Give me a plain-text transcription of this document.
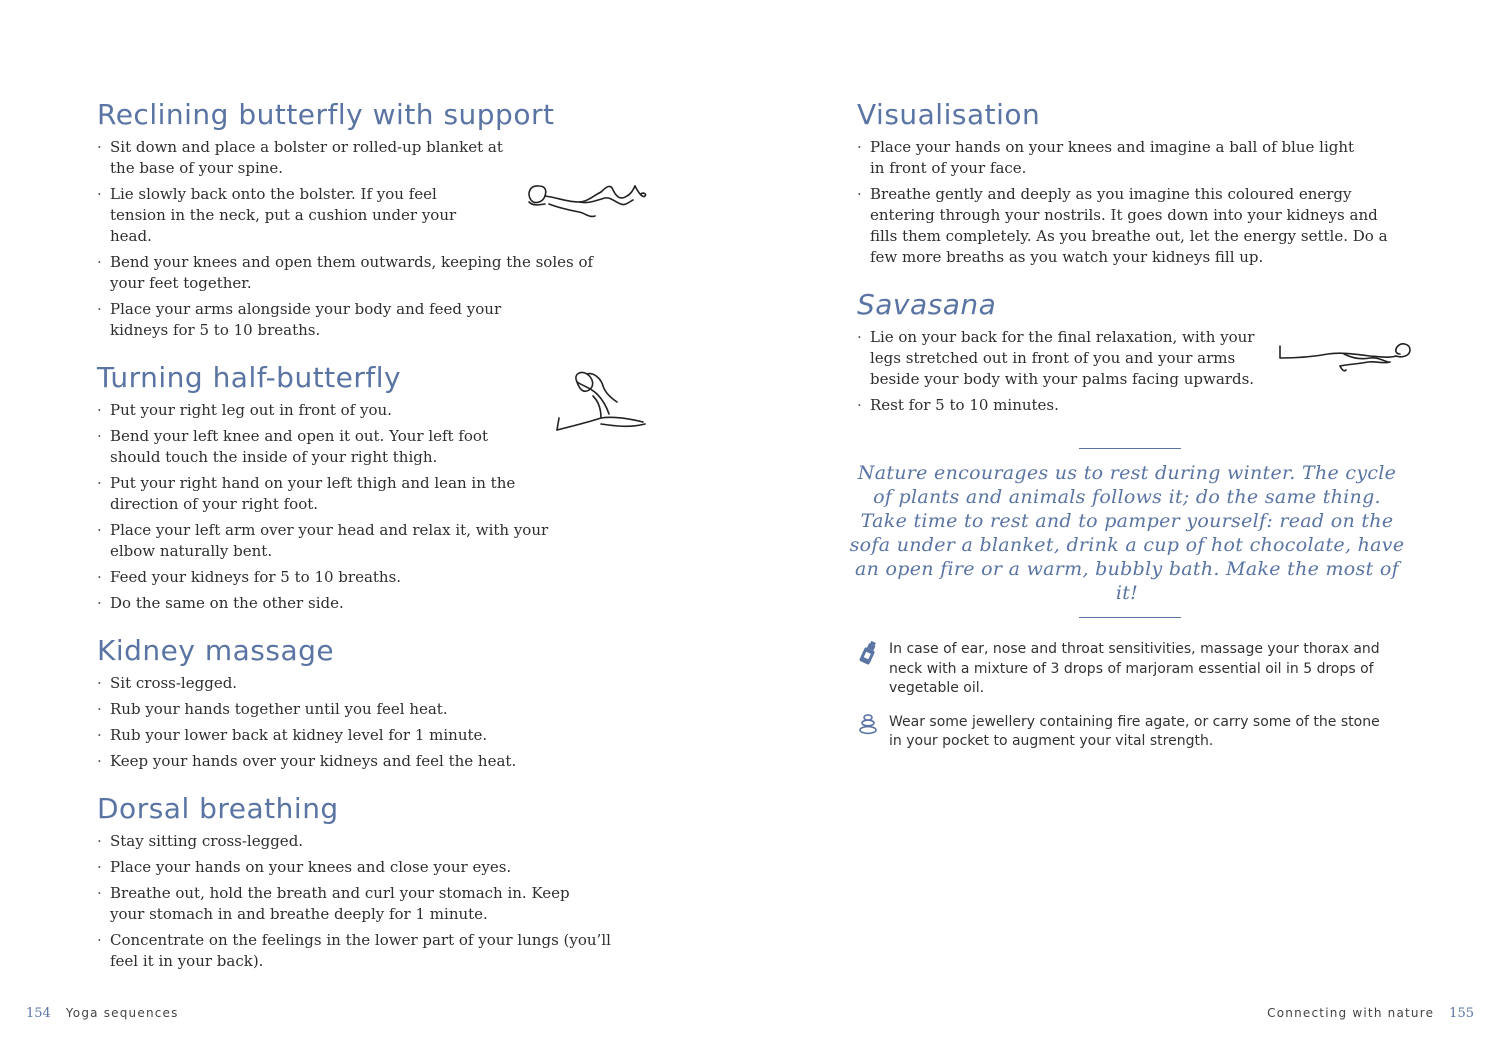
Reclining butterfly with support
· Sit down and place a bolster or rolled-up blanket at the base of your spine.
· Lie slowly back onto the bolster. If you feel tension in the neck, put a cushion under your head.
· Bend your knees and open them outwards, keeping the soles of your feet together.
· Place your arms alongside your body and feed your kidneys for 5 to 10 breaths.
Turning half-butterfly
· Put your right leg out in front of you.
· Bend your left knee and open it out. Your left foot should touch the inside of your right thigh.
· Put your right hand on your left thigh and lean in the direction of your right foot.
· Place your left arm over your head and relax it, with your elbow naturally bent.
· Feed your kidneys for 5 to 10 breaths.
· Do the same on the other side.
Kidney massage
· Sit cross-legged.
· Rub your hands together until you feel heat.
· Rub your lower back at kidney level for 1 minute.
· Keep your hands over your kidneys and feel the heat.
Dorsal breathing
· Stay sitting cross-legged.
· Place your hands on your knees and close your eyes.
· Breathe out, hold the breath and curl your stomach in. Keep your stomach in and breathe deeply for 1 minute.
· Concentrate on the feelings in the lower part of your lungs (you’ll feel it in your back).
Visualisation
· Place your hands on your knees and imagine a ball of blue light in front of your face.
· Breathe gently and deeply as you imagine this coloured energy entering through your nostrils. It goes down into your kidneys and fills them completely. As you breathe out, let the energy settle. Do a few more breaths as you watch your kidneys fill up.
Savasana
· Lie on your back for the final relaxation, with your legs stretched out in front of you and your arms beside your body with your palms facing upwards.
· Rest for 5 to 10 minutes.

Nature encourages us to rest during winter. The cycle of plants and animals follows it; do the same thing. Take time to rest and to pamper yourself: read on the sofa under a blanket, drink a cup of hot chocolate, have an open fire or a warm, bubbly bath. Make the most of it!

In case of ear, nose and throat sensitivities, massage your thorax and neck with a mixture of 3 drops of marjoram essential oil in 5 drops of vegetable oil.
Wear some jewellery containing fire agate, or carry some of the stone in your pocket to augment your vital strength.
154 Yoga sequences	Connecting with nature 155
